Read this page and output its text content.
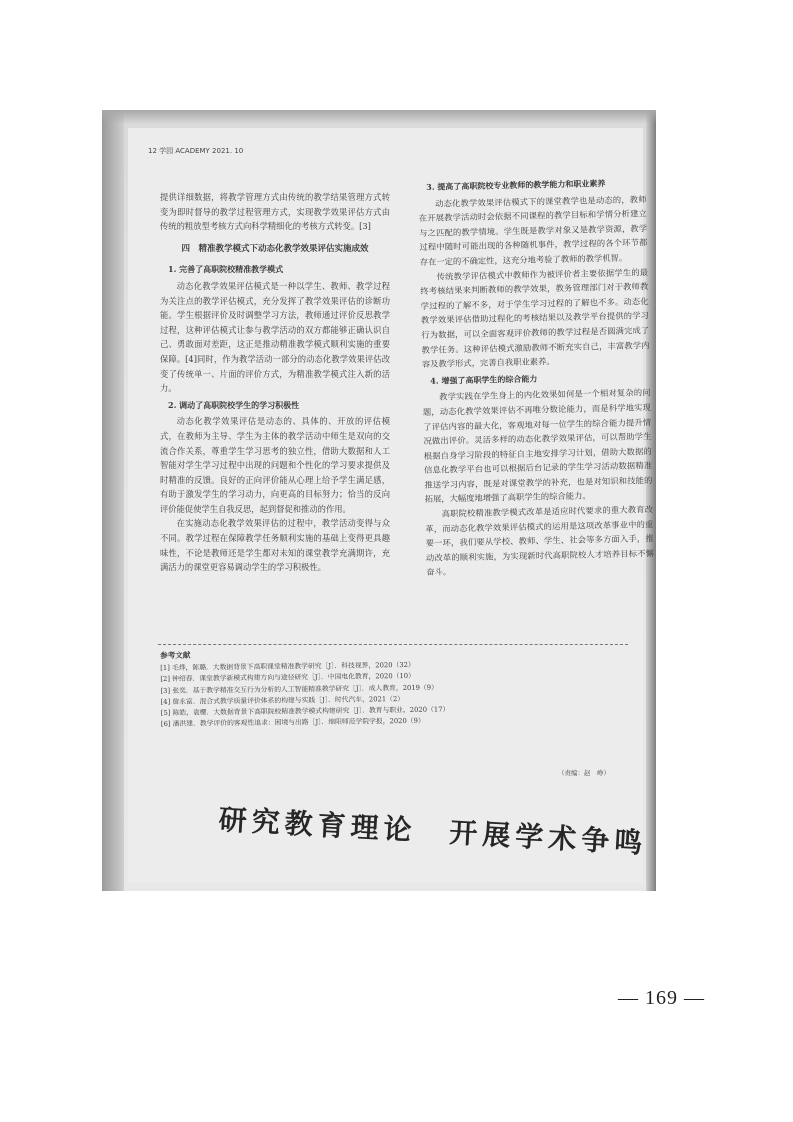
12 学园 ACADEMY 2021. 10

提供详细数据，将教学管理方式由传统的教学结果管理方式转变为即时督导的教学过程管理方式，实现教学效果评估方式由传统的粗放型考核方式向科学精细化的考核方式转变。[3]

四　精准教学模式下动态化教学效果评估实施成效
1. 完善了高职院校精准教学模式

动态化教学效果评估模式是一种以学生、教师、教学过程为关注点的教学评估模式，充分发挥了教学效果评估的诊断功能。学生根据评价及时调整学习方法，教师通过评价反思教学过程，这种评估模式让参与教学活动的双方都能够正确认识自己、勇敢面对差距，这正是推动精准教学模式顺利实施的重要保障。[4]同时，作为教学活动一部分的动态化教学效果评估改变了传统单一、片面的评价方式，为精准教学模式注入新的活力。

2. 调动了高职院校学生的学习积极性

动态化教学效果评估是动态的、具体的、开放的评估模式，在教师为主导、学生为主体的教学活动中师生是双向的交流合作关系，尊重学生学习思考的独立性，借助大数据和人工智能对学生学习过程中出现的问题和个性化的学习要求提供及时精准的反馈。良好的正向评价能从心理上给予学生满足感，有助于激发学生的学习动力，向更高的目标努力；恰当的反向评价能促使学生自我反思，起到督促和推动的作用。

在实施动态化教学效果评估的过程中，教学活动变得与众不同。教学过程在保障教学任务顺利实施的基础上变得更具趣味性，不论是教师还是学生都对未知的课堂教学充满期许，充满活力的课堂更容易调动学生的学习积极性。

3. 提高了高职院校专业教师的教学能力和职业素养

动态化教学效果评估模式下的课堂教学也是动态的，教师在开展教学活动时会依据不同课程的教学目标和学情分析建立与之匹配的教学情境。学生既是教学对象又是教学资源，教学过程中随时可能出现的各种随机事件，教学过程的各个环节都存在一定的不确定性，这充分地考验了教师的教学机智。

传统教学评估模式中教师作为被评价者主要依据学生的最终考核结果来判断教师的教学效果，教务管理部门对于教师教学过程的了解不多，对于学生学习过程的了解也不多。动态化教学效果评估借助过程化的考核结果以及教学平台提供的学习行为数据，可以全面客观评价教师的教学过程是否圆满完成了教学任务。这种评估模式激励教师不断充实自己，丰富教学内容及教学形式，完善自我职业素养。

4. 增强了高职学生的综合能力

教学实践在学生身上的内化效果如何是一个相对复杂的问题，动态化教学效果评估不再唯分数论能力，而是科学地实现了评估内容的最大化，客观地对每一位学生的综合能力提升情况做出评价。灵活多样的动态化教学效果评估，可以帮助学生根据自身学习阶段的特征自主地安排学习计划，借助大数据的信息化教学平台也可以根据后台记录的学生学习活动数据精准推送学习内容，既是对课堂教学的补充，也是对知识和技能的拓展，大幅度地增强了高职学生的综合能力。

高职院校精准教学模式改革是适应时代要求的重大教育改革，而动态化教学效果评估模式的运用是这项改革事业中的重要一环，我们要从学校、教师、学生、社会等多方面入手，推动改革的顺利实施，为实现新时代高职院校人才培养目标不懈奋斗。

参考文献
[1] 毛烨，陈璐．大数据背景下高职课堂精准教学研究［J］．科技视界，2020（32）
[2] 钟绍春．课堂教学新模式构建方向与途径研究［J］．中国电化教育，2020（10）
[3] 张奕．基于教学精准交互行为分析的人工智能精准教学研究［J］．成人教育，2019（9）
[4] 詹永富．混合式教学质量评价体系的构建与实践［J］．时代汽车，2021（2）
[5] 陈皓，袁樱．大数据背景下高职院校精准教学模式构建研究［J］．教育与职业，2020（17）
[6] 潘洪建．教学评价的客观性追求：困境与出路［J］．绵阳师范学院学报，2020（9）
（责编：赵　峥）
研究教育理论　开展学术争鸣
— 169 —
